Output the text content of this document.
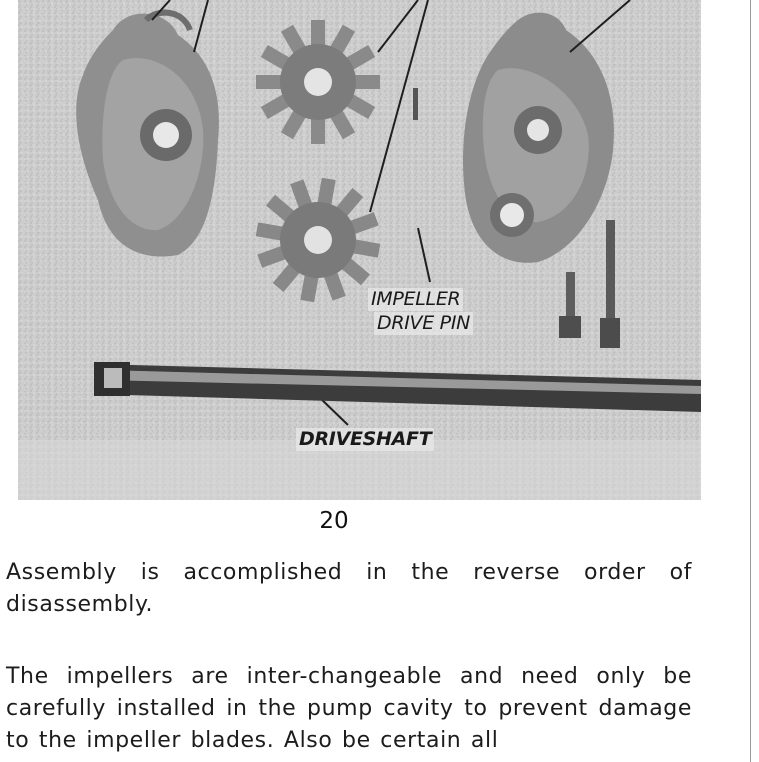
IMPELLER
DRIVE PIN
DRIVESHAFT
20

Assembly is accomplished in the reverse order of disassembly.

The impellers are inter-changeable and need only be carefully installed in the pump cavity to prevent damage to the impeller blades. Also be certain all
